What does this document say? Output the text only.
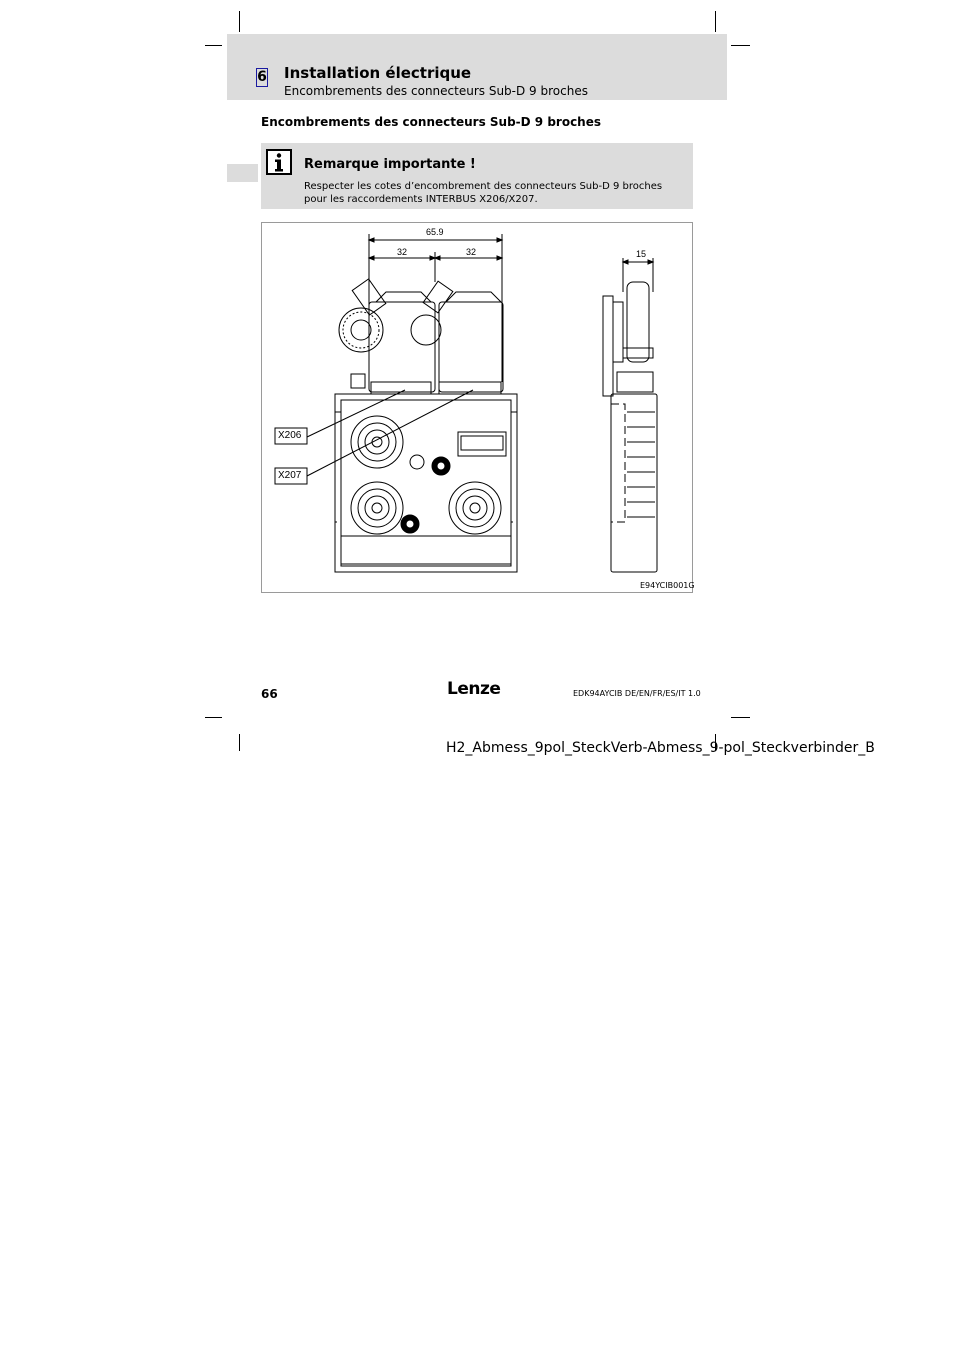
6 Installation électrique
Encombrements des connecteurs Sub-D 9 broches
Encombrements des connecteurs Sub-D 9 broches
Remarque importante !
Respecter les cotes d’encombrement des connecteurs Sub-D 9 broches pour les raccordements INTERBUS X206/X207.
65.9
32	32	15
X206
X207
E94YCIB001G
66	Lenze	EDK94AYCIB DE/EN/FR/ES/IT 1.0
H2_Abmess_9pol_SteckVerb-Abmess_9-pol_Steckverbinder_B
